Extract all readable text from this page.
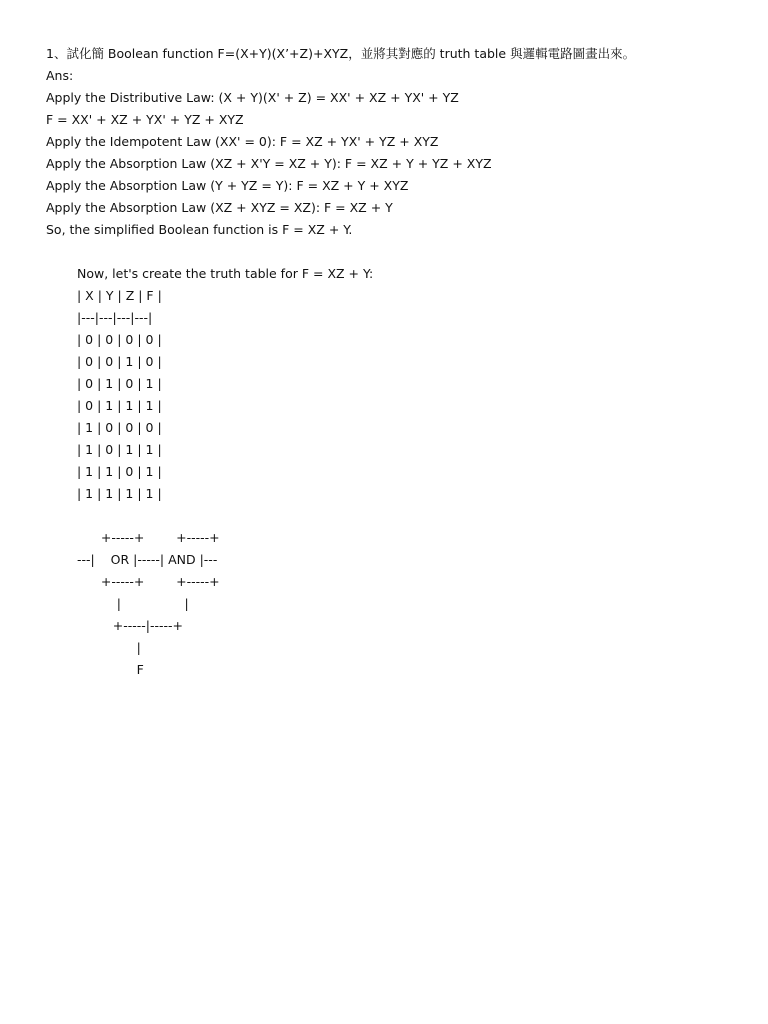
1、試化簡 Boolean function F=(X+Y)(X’+Z)+XYZ，並將其對應的 truth table 與邏輯電路圖畫出來。

Ans:

Apply the Distributive Law: (X + Y)(X' + Z) = XX' + XZ + YX' + YZ

F = XX' + XZ + YX' + YZ + XYZ

Apply the Idempotent Law (XX' = 0): F = XZ + YX' + YZ + XYZ

Apply the Absorption Law (XZ + X'Y = XZ + Y): F = XZ + Y + YZ + XYZ

Apply the Absorption Law (Y + YZ = Y): F = XZ + Y + XYZ

Apply the Absorption Law (XZ + XYZ = XZ): F = XZ + Y

So, the simplified Boolean function is F = XZ + Y.

Now, let's create the truth table for F = XZ + Y:

| X | Y | Z | F |

|---|---|---|---|

| 0 | 0 | 0 | 0 |

| 0 | 0 | 1 | 0 |

| 0 | 1 | 0 | 1 |

| 0 | 1 | 1 | 1 |

| 1 | 0 | 0 | 0 |

| 1 | 0 | 1 | 1 |

| 1 | 1 | 0 | 1 |

| 1 | 1 | 1 | 1 |

+-----+        +-----+

---|    OR |-----| AND |---

+-----+        +-----+

|                |

+-----|-----+

|

F
